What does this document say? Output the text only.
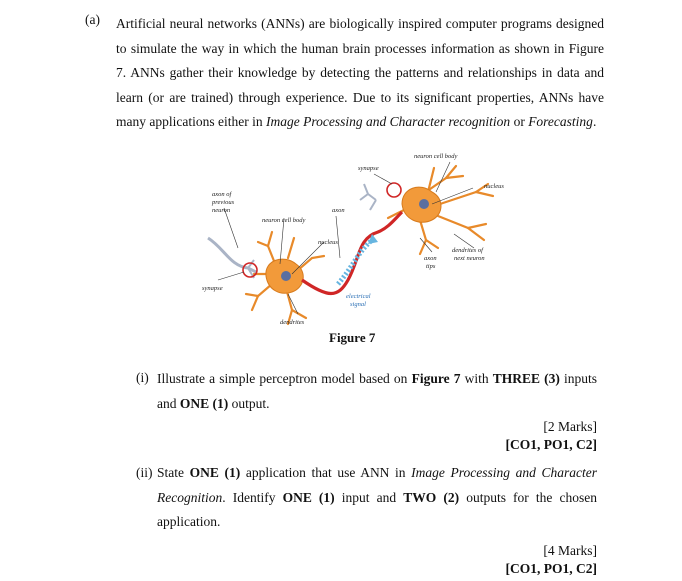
(a) Artificial neural networks (ANNs) are biologically inspired computer programs designed to simulate the way in which the human brain processes information as shown in Figure 7. ANNs gather their knowledge by detecting the patterns and relationships in data and learn (or are trained) through experience. Due to its significant properties, ANNs have many applications either in Image Processing and Character recognition or Forecasting.
synapse
neuron cell body
nucleus
axon of
previous
neuron
neuron cell body
axon
nucleus
axon
tips
dendrites of
next neuron
synapse
electrical
signal
dendrites
Figure 7
(i) Illustrate a simple perceptron model based on Figure 7 with THREE (3) inputs and ONE (1) output.
[2 Marks]
[CO1, PO1, C2]
(ii) State ONE (1) application that use ANN in Image Processing and Character Recognition. Identify ONE (1) input and TWO (2) outputs for the chosen application.
[4 Marks]
[CO1, PO1, C2]
